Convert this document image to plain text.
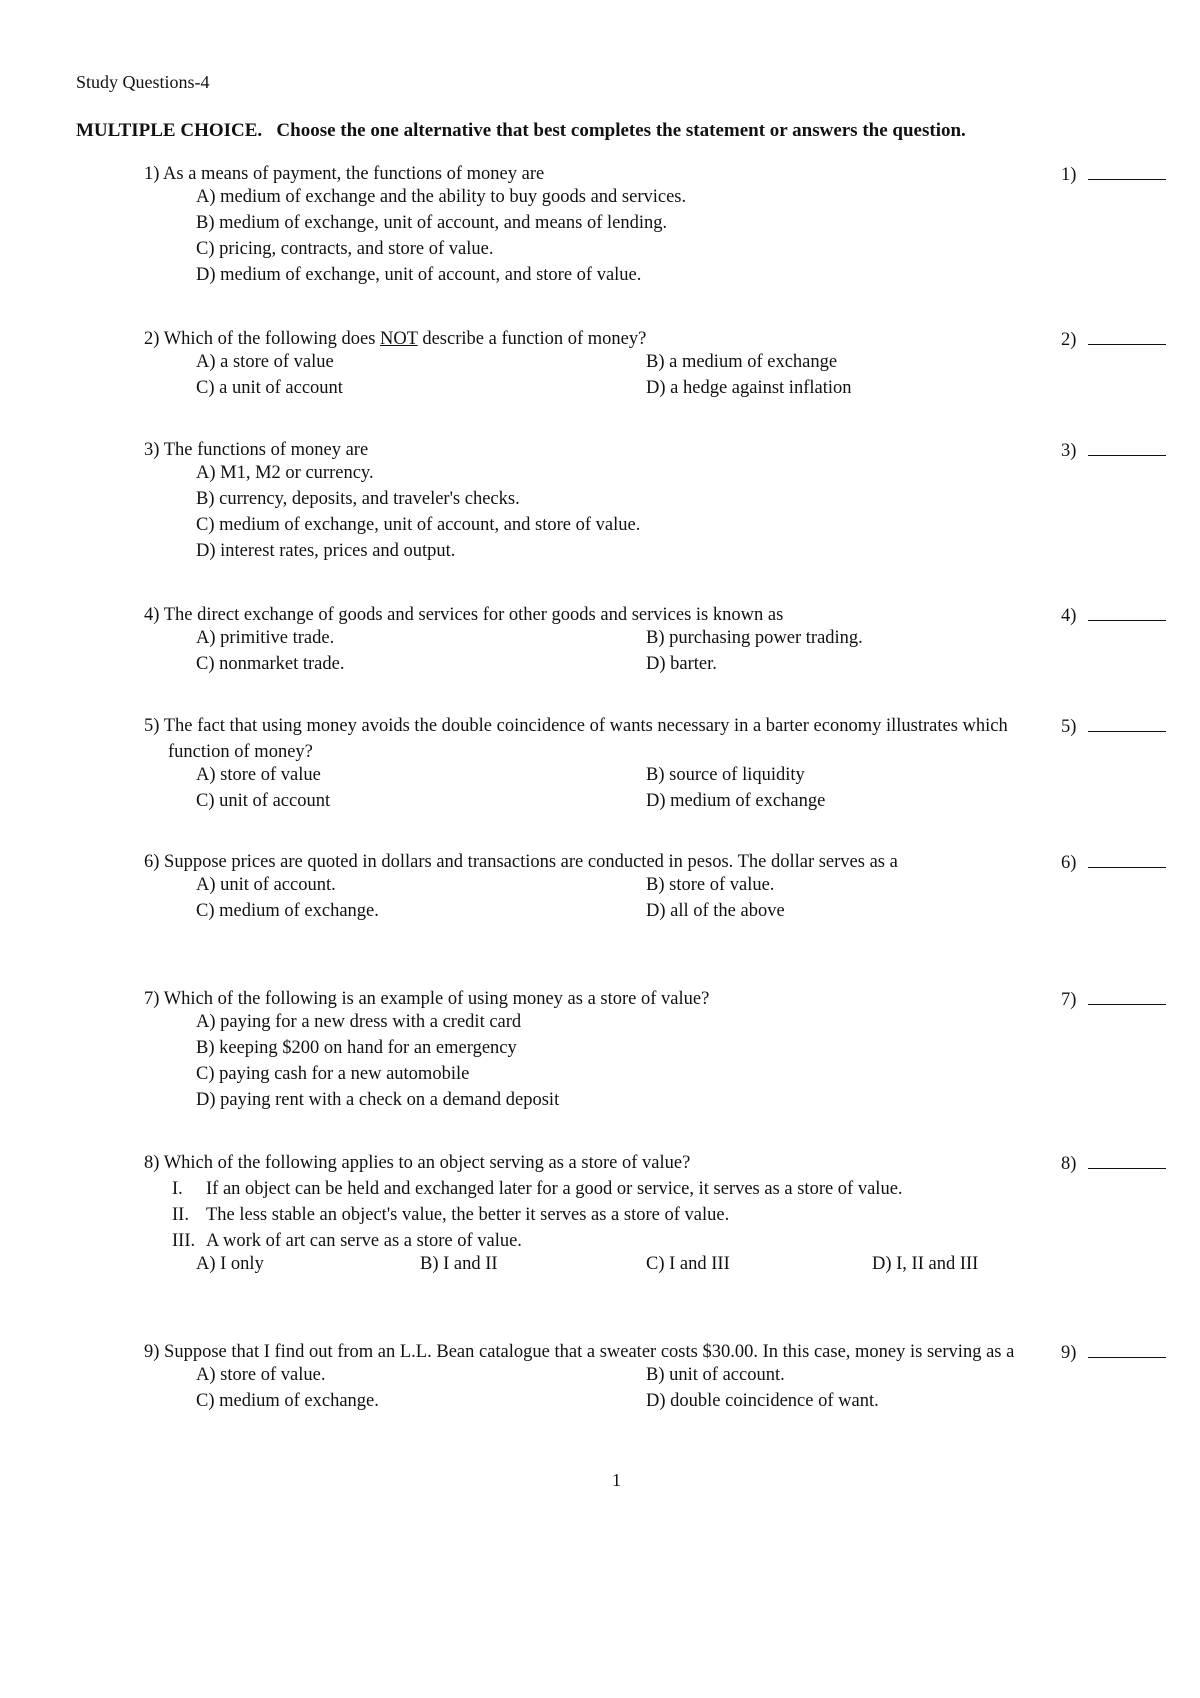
Study Questions-4
MULTIPLE CHOICE. Choose the one alternative that best completes the statement or answers the question.
1) As a means of payment, the functions of money are	1)
A) medium of exchange and the ability to buy goods and services.
B) medium of exchange, unit of account, and means of lending.
C) pricing, contracts, and store of value.
D) medium of exchange, unit of account, and store of value.
2) Which of the following does NOT describe a function of money?	2)
A) a store of value	B) a medium of exchange
C) a unit of account	D) a hedge against inflation
3) The functions of money are	3)
A) M1, M2 or currency.
B) currency, deposits, and traveler's checks.
C) medium of exchange, unit of account, and store of value.
D) interest rates, prices and output.
4) The direct exchange of goods and services for other goods and services is known as	4)
A) primitive trade.	B) purchasing power trading.
C) nonmarket trade.	D) barter.
5) The fact that using money avoids the double coincidence of wants necessary in a barter economy illustrates which function of money?
5)
A) store of value	B) source of liquidity
C) unit of account	D) medium of exchange
6) Suppose prices are quoted in dollars and transactions are conducted in pesos. The dollar serves as a	6)
A) unit of account.	B) store of value.
C) medium of exchange.	D) all of the above
7) Which of the following is an example of using money as a store of value?	7)
A) paying for a new dress with a credit card
B) keeping $200 on hand for an emergency
C) paying cash for a new automobile
D) paying rent with a check on a demand deposit
8) Which of the following applies to an object serving as a store of value?	8)
I. If an object can be held and exchanged later for a good or service, it serves as a store of value.
II. The less stable an object's value, the better it serves as a store of value.
III. A work of art can serve as a store of value.
A) I only	B) I and II	C) I and III	D) I, II and III
9) Suppose that I find out from an L.L. Bean catalogue that a sweater costs $30.00. In this case, money is serving as a	9)
A) store of value.	B) unit of account.
C) medium of exchange.	D) double coincidence of want.
1
